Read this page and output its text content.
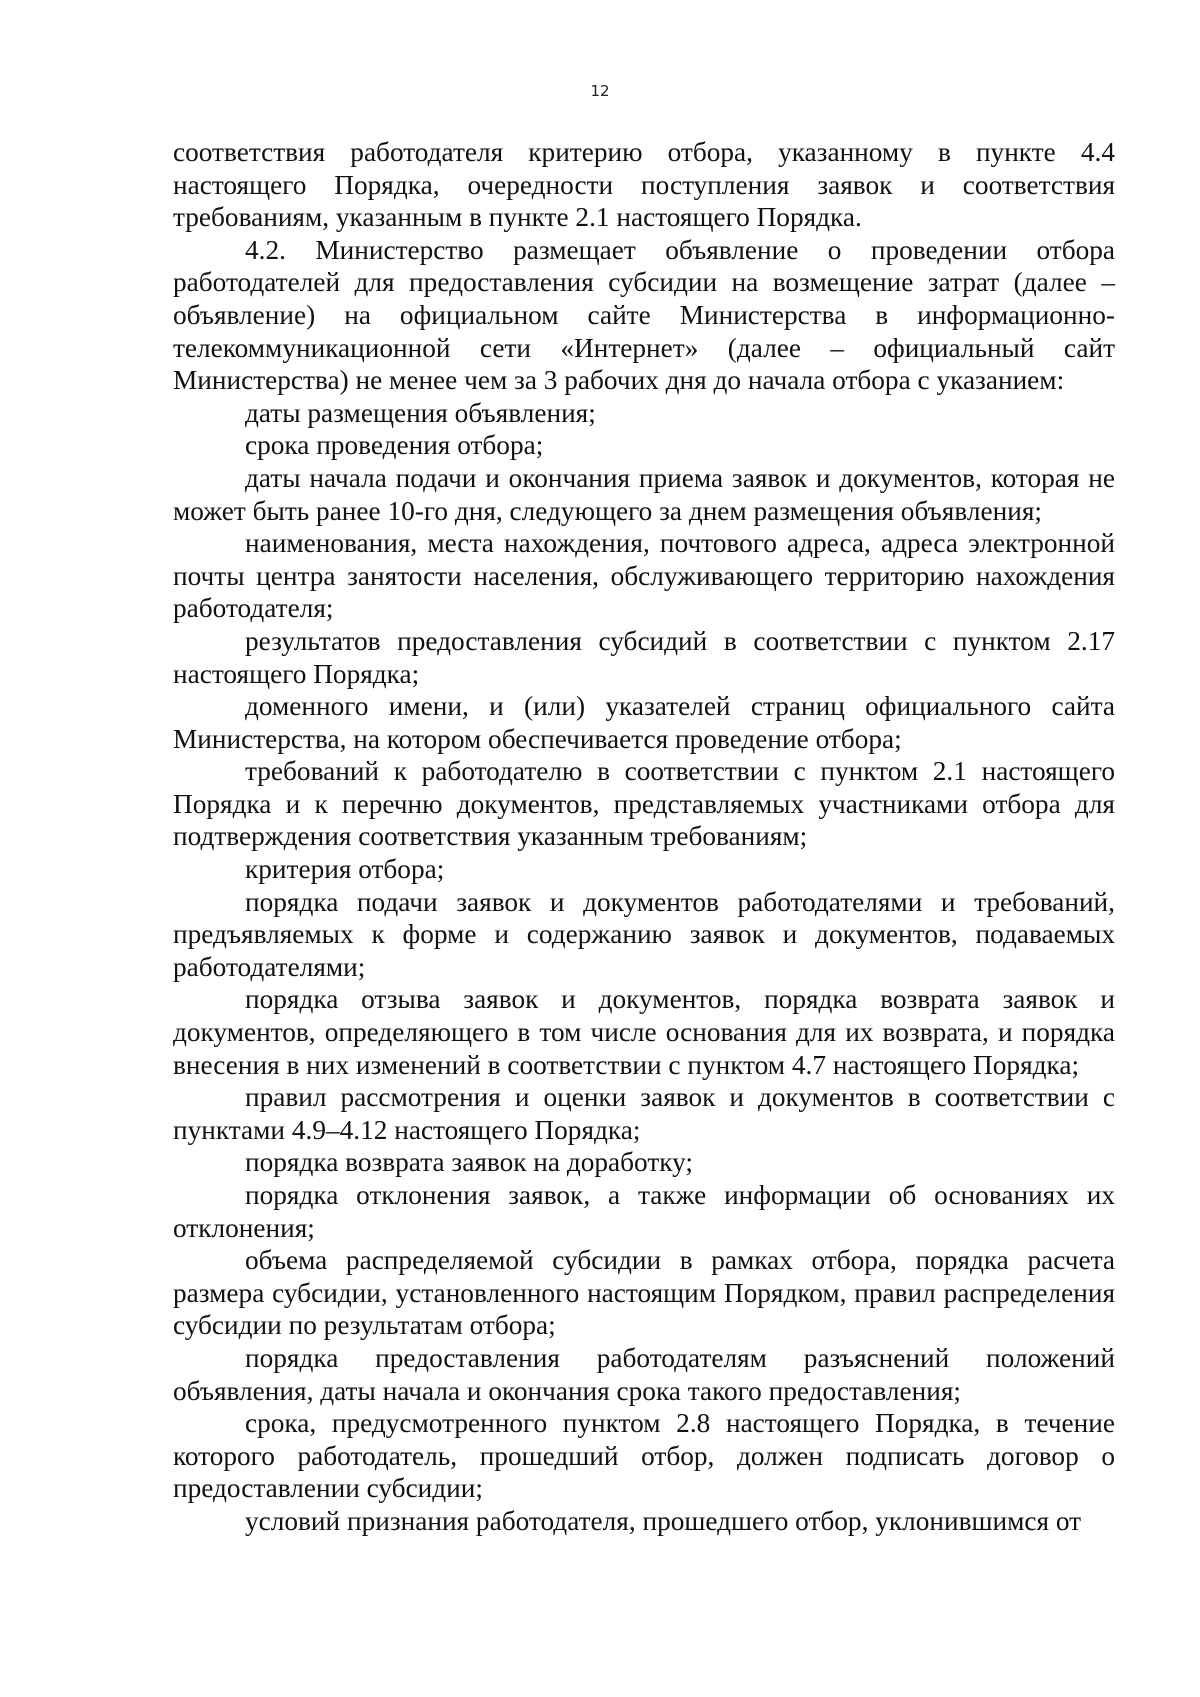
12

соответствия работодателя критерию отбора, указанному в пункте 4.4 настоящего Порядка, очередности поступления заявок и соответствия требованиям, указанным в пункте 2.1 настоящего Порядка.

4.2. Министерство размещает объявление о проведении отбора работодателей для предоставления субсидии на возмещение затрат (далее – объявление) на официальном сайте Министерства в информационно-телекоммуникационной сети «Интернет» (далее – официальный сайт Министерства) не менее чем за 3 рабочих дня до начала отбора с указанием:

даты размещения объявления;

срока проведения отбора;

даты начала подачи и окончания приема заявок и документов, которая не может быть ранее 10-го дня, следующего за днем размещения объявления;

наименования, места нахождения, почтового адреса, адреса электронной почты центра занятости населения, обслуживающего территорию нахождения работодателя;

результатов предоставления субсидий в соответствии с пунктом 2.17 настоящего Порядка;

доменного имени, и (или) указателей страниц официального сайта Министерства, на котором обеспечивается проведение отбора;

требований к работодателю в соответствии с пунктом 2.1 настоящего Порядка и к перечню документов, представляемых участниками отбора для подтверждения соответствия указанным требованиям;

критерия отбора;

порядка подачи заявок и документов работодателями и требований, предъявляемых к форме и содержанию заявок и документов, подаваемых работодателями;

порядка отзыва заявок и документов, порядка возврата заявок и документов, определяющего в том числе основания для их возврата, и порядка внесения в них изменений в соответствии с пунктом 4.7 настоящего Порядка;

правил рассмотрения и оценки заявок и документов в соответствии с пунктами 4.9–4.12 настоящего Порядка;

порядка возврата заявок на доработку;

порядка отклонения заявок, а также информации об основаниях их отклонения;

объема распределяемой субсидии в рамках отбора, порядка расчета размера субсидии, установленного настоящим Порядком, правил распределения субсидии по результатам отбора;

порядка предоставления работодателям разъяснений положений объявления, даты начала и окончания срока такого предоставления;

срока, предусмотренного пунктом 2.8 настоящего Порядка, в течение которого работодатель, прошедший отбор, должен подписать договор о предоставлении субсидии;

условий признания работодателя, прошедшего отбор, уклонившимся от
